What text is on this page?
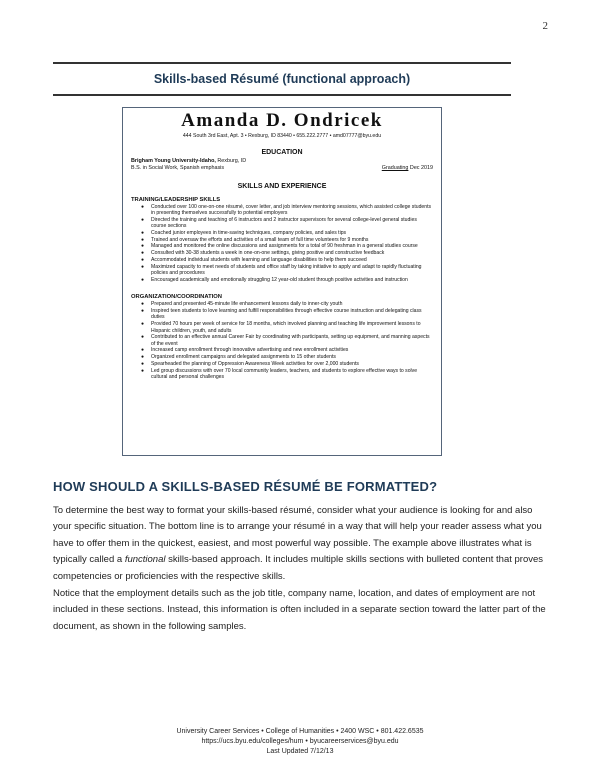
2
Skills-based Résumé (functional approach)
Amanda D. Ondricek
444 South 3rd East, Apt. 3 • Rexburg, ID 83440 • 655.222.2777 • amd07777@byu.edu
EDUCATION
Brigham Young University-Idaho, Rexburg, ID
B.S. in Social Work, Spanish emphasis	Graduating Dec 2019
SKILLS AND EXPERIENCE
TRAINING/LEADERSHIP SKILLS
● Conducted over 100 one-on-one résumé, cover letter, and job interview mentoring sessions, which assisted college students in presenting themselves successfully to potential employers
● Directed the training and teaching of 6 instructors and 2 instructor supervisors for several college-level general studies course sections
● Coached junior employees in time-saving techniques, company policies, and sales tips
● Trained and oversaw the efforts and activities of a small team of full time volunteers for 9 months
● Managed and monitored the online discussions and assignments for a total of 90 freshman in a general studies course
● Consulted with 30-38 students a week in one-on-one settings, giving positive and constructive feedback
● Accommodated individual students with learning and language disabilities to help them succeed
● Maximized capacity to meet needs of students and office staff by taking initiative to apply and adapt to rapidly fluctuating policies and procedures
● Encouraged academically and emotionally struggling 12 year-old student through positive activities and instruction
ORGANIZATION/COORDINATION
● Prepared and presented 45-minute life enhancement lessons daily to inner-city youth
● Inspired teen students to love learning and fulfill responsibilities through effective course instruction and delegating class duties
● Provided 70 hours per week of service for 18 months, which involved planning and teaching life improvement lessons to Hispanic children, youth, and adults
● Contributed to an effective annual Career Fair by coordinating with participants, setting up equipment, and manning aspects of the event
● Increased camp enrollment through innovative advertising and new enrollment activities
● Organized enrollment campaigns and delegated assignments to 15 other students
● Spearheaded the planning of Oppression Awareness Week activities for over 2,000 students
● Led group discussions with over 70 local community leaders, teachers, and students to explore effective ways to solve cultural and personal challenges
HOW SHOULD A SKILLS-BASED RÉSUMÉ BE FORMATTED?
To determine the best way to format your skills-based résumé, consider what your audience is looking for and also your specific situation. The bottom line is to arrange your résumé in a way that will help your reader assess what you have to offer them in the quickest, easiest, and most powerful way possible. The example above illustrates what is typically called a functional skills-based approach. It includes multiple skills sections with bulleted content that proves competencies or proficiencies with the respective skills.
Notice that the employment details such as the job title, company name, location, and dates of employment are not included in these sections. Instead, this information is often included in a separate section toward the latter part of the document, as shown in the following samples.
University Career Services • College of Humanities • 2400 WSC • 801.422.6535
https://ucs.byu.edu/colleges/hum • byucareerservices@byu.edu
Last Updated 7/12/13
